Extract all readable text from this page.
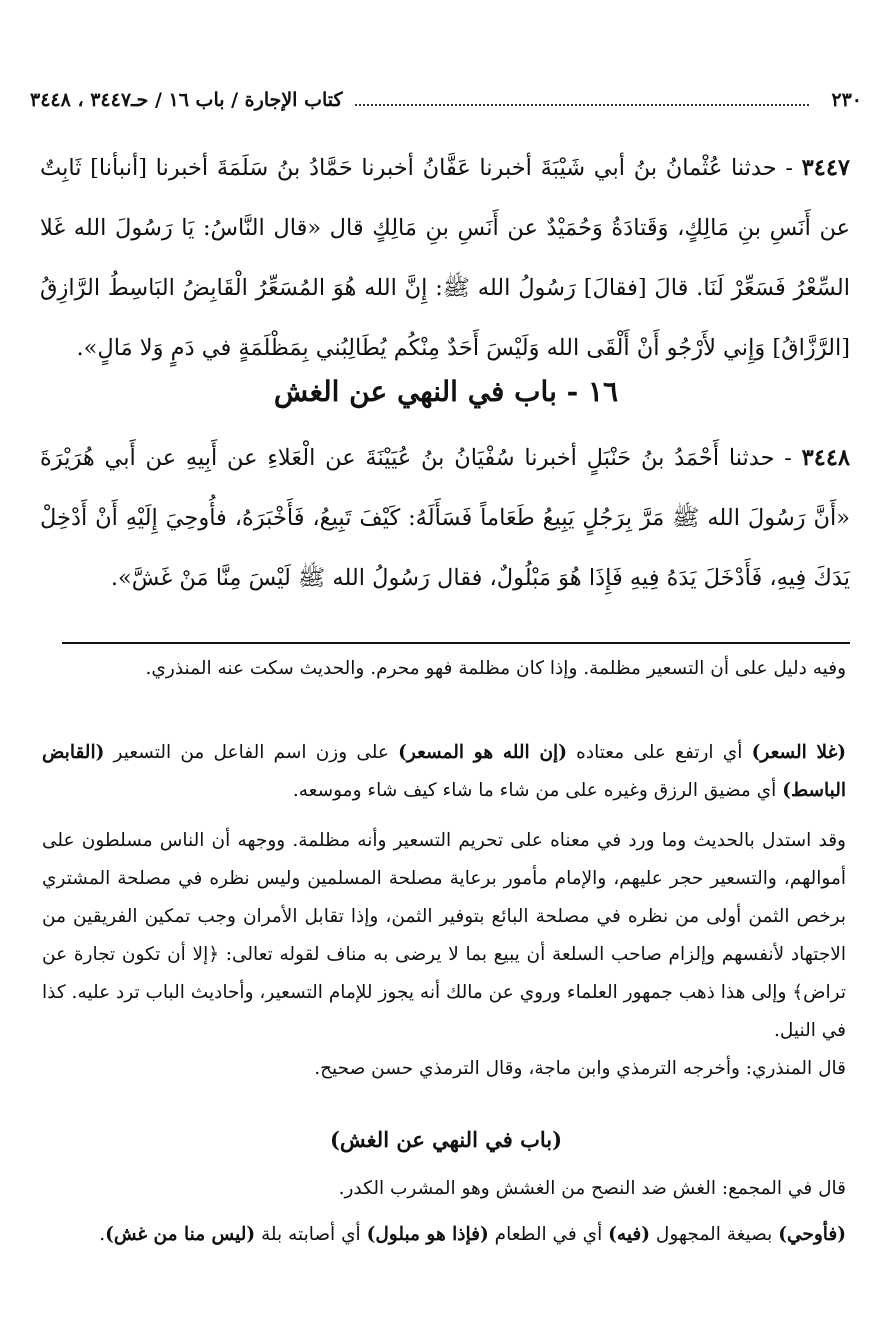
٢٣٠
كتاب الإجارة / باب ١٦ / حـ٣٤٤٧ ، ٣٤٤٨
٣٤٤٧ - حدثنا عُثْمانُ بنُ أبي شَيْبَةَ أخبرنا عَفَّانُ أخبرنا حَمَّادُ بنُ سَلَمَةَ أخبرنا [أنبأنا] ثَابِتٌ عن أَنَسِ بنِ مَالِكٍ، وَقَتادَةُ وَحُمَيْدٌ عن أَنَسِ بنِ مَالِكٍ قال «قال النَّاسُ: يَا رَسُولَ الله غَلا السِّعْرُ فَسَعِّرْ لَنَا. قالَ [فقالَ] رَسُولُ الله ﷺ: إِنَّ الله هُوَ المُسَعِّرُ الْقَابِضُ البَاسِطُ الرَّازِقُ [الرَّزَّاقُ] وَإِني لأَرْجُو أَنْ أَلْقَى الله وَلَيْسَ أَحَدٌ مِنْكُم يُطَالِبُني بِمَظْلَمَةٍ في دَمٍ وَلا مَالٍ».
١٦ - باب في النهي عن الغش
٣٤٤٨ - حدثنا أَحْمَدُ بنُ حَنْبَلٍ أخبرنا سُفْيَانُ بنُ عُيَيْنَةَ عن الْعَلاءِ عن أَبِيهِ عن أَبي هُرَيْرَةَ «أَنَّ رَسُولَ الله ﷺ مَرَّ بِرَجُلٍ يَبِيعُ طَعَاماً فَسَأَلَهُ: كَيْفَ تَبِيعُ، فَأَخْبَرَهُ، فأُوحِيَ إِلَيْهِ أَنْ أَدْخِلْ يَدَكَ فِيهِ، فَأَدْخَلَ يَدَهُ فِيهِ فَإِذَا هُوَ مَبْلُولٌ، فقال رَسُولُ الله ﷺ لَيْسَ مِنَّا مَنْ غَشَّ».

وفيه دليل على أن التسعير مظلمة. وإذا كان مظلمة فهو محرم. والحديث سكت عنه المنذري.

(غلا السعر) أي ارتفع على معتاده (إن الله هو المسعر) على وزن اسم الفاعل من التسعير (القابض الباسط) أي مضيق الرزق وغيره على من شاء ما شاء كيف شاء وموسعه.

وقد استدل بالحديث وما ورد في معناه على تحريم التسعير وأنه مظلمة. ووجهه أن الناس مسلطون على أموالهم، والتسعير حجر عليهم، والإمام مأمور برعاية مصلحة المسلمين وليس نظره في مصلحة المشتري برخص الثمن أولى من نظره في مصلحة البائع بتوفير الثمن، وإذا تقابل الأمران وجب تمكين الفريقين من الاجتهاد لأنفسهم وإلزام صاحب السلعة أن يبيع بما لا يرضى به مناف لقوله تعالى: ﴿إلا أن تكون تجارة عن تراض﴾ وإلى هذا ذهب جمهور العلماء وروي عن مالك أنه يجوز للإمام التسعير، وأحاديث الباب ترد عليه. كذا في النيل.

قال المنذري: وأخرجه الترمذي وابن ماجة، وقال الترمذي حسن صحيح.

(باب في النهي عن الغش)

قال في المجمع: الغش ضد النصح من الغشش وهو المشرب الكدر.

(فأوحي) بصيغة المجهول (فيه) أي في الطعام (فإذا هو مبلول) أي أصابته بلة (ليس منا من غش).
